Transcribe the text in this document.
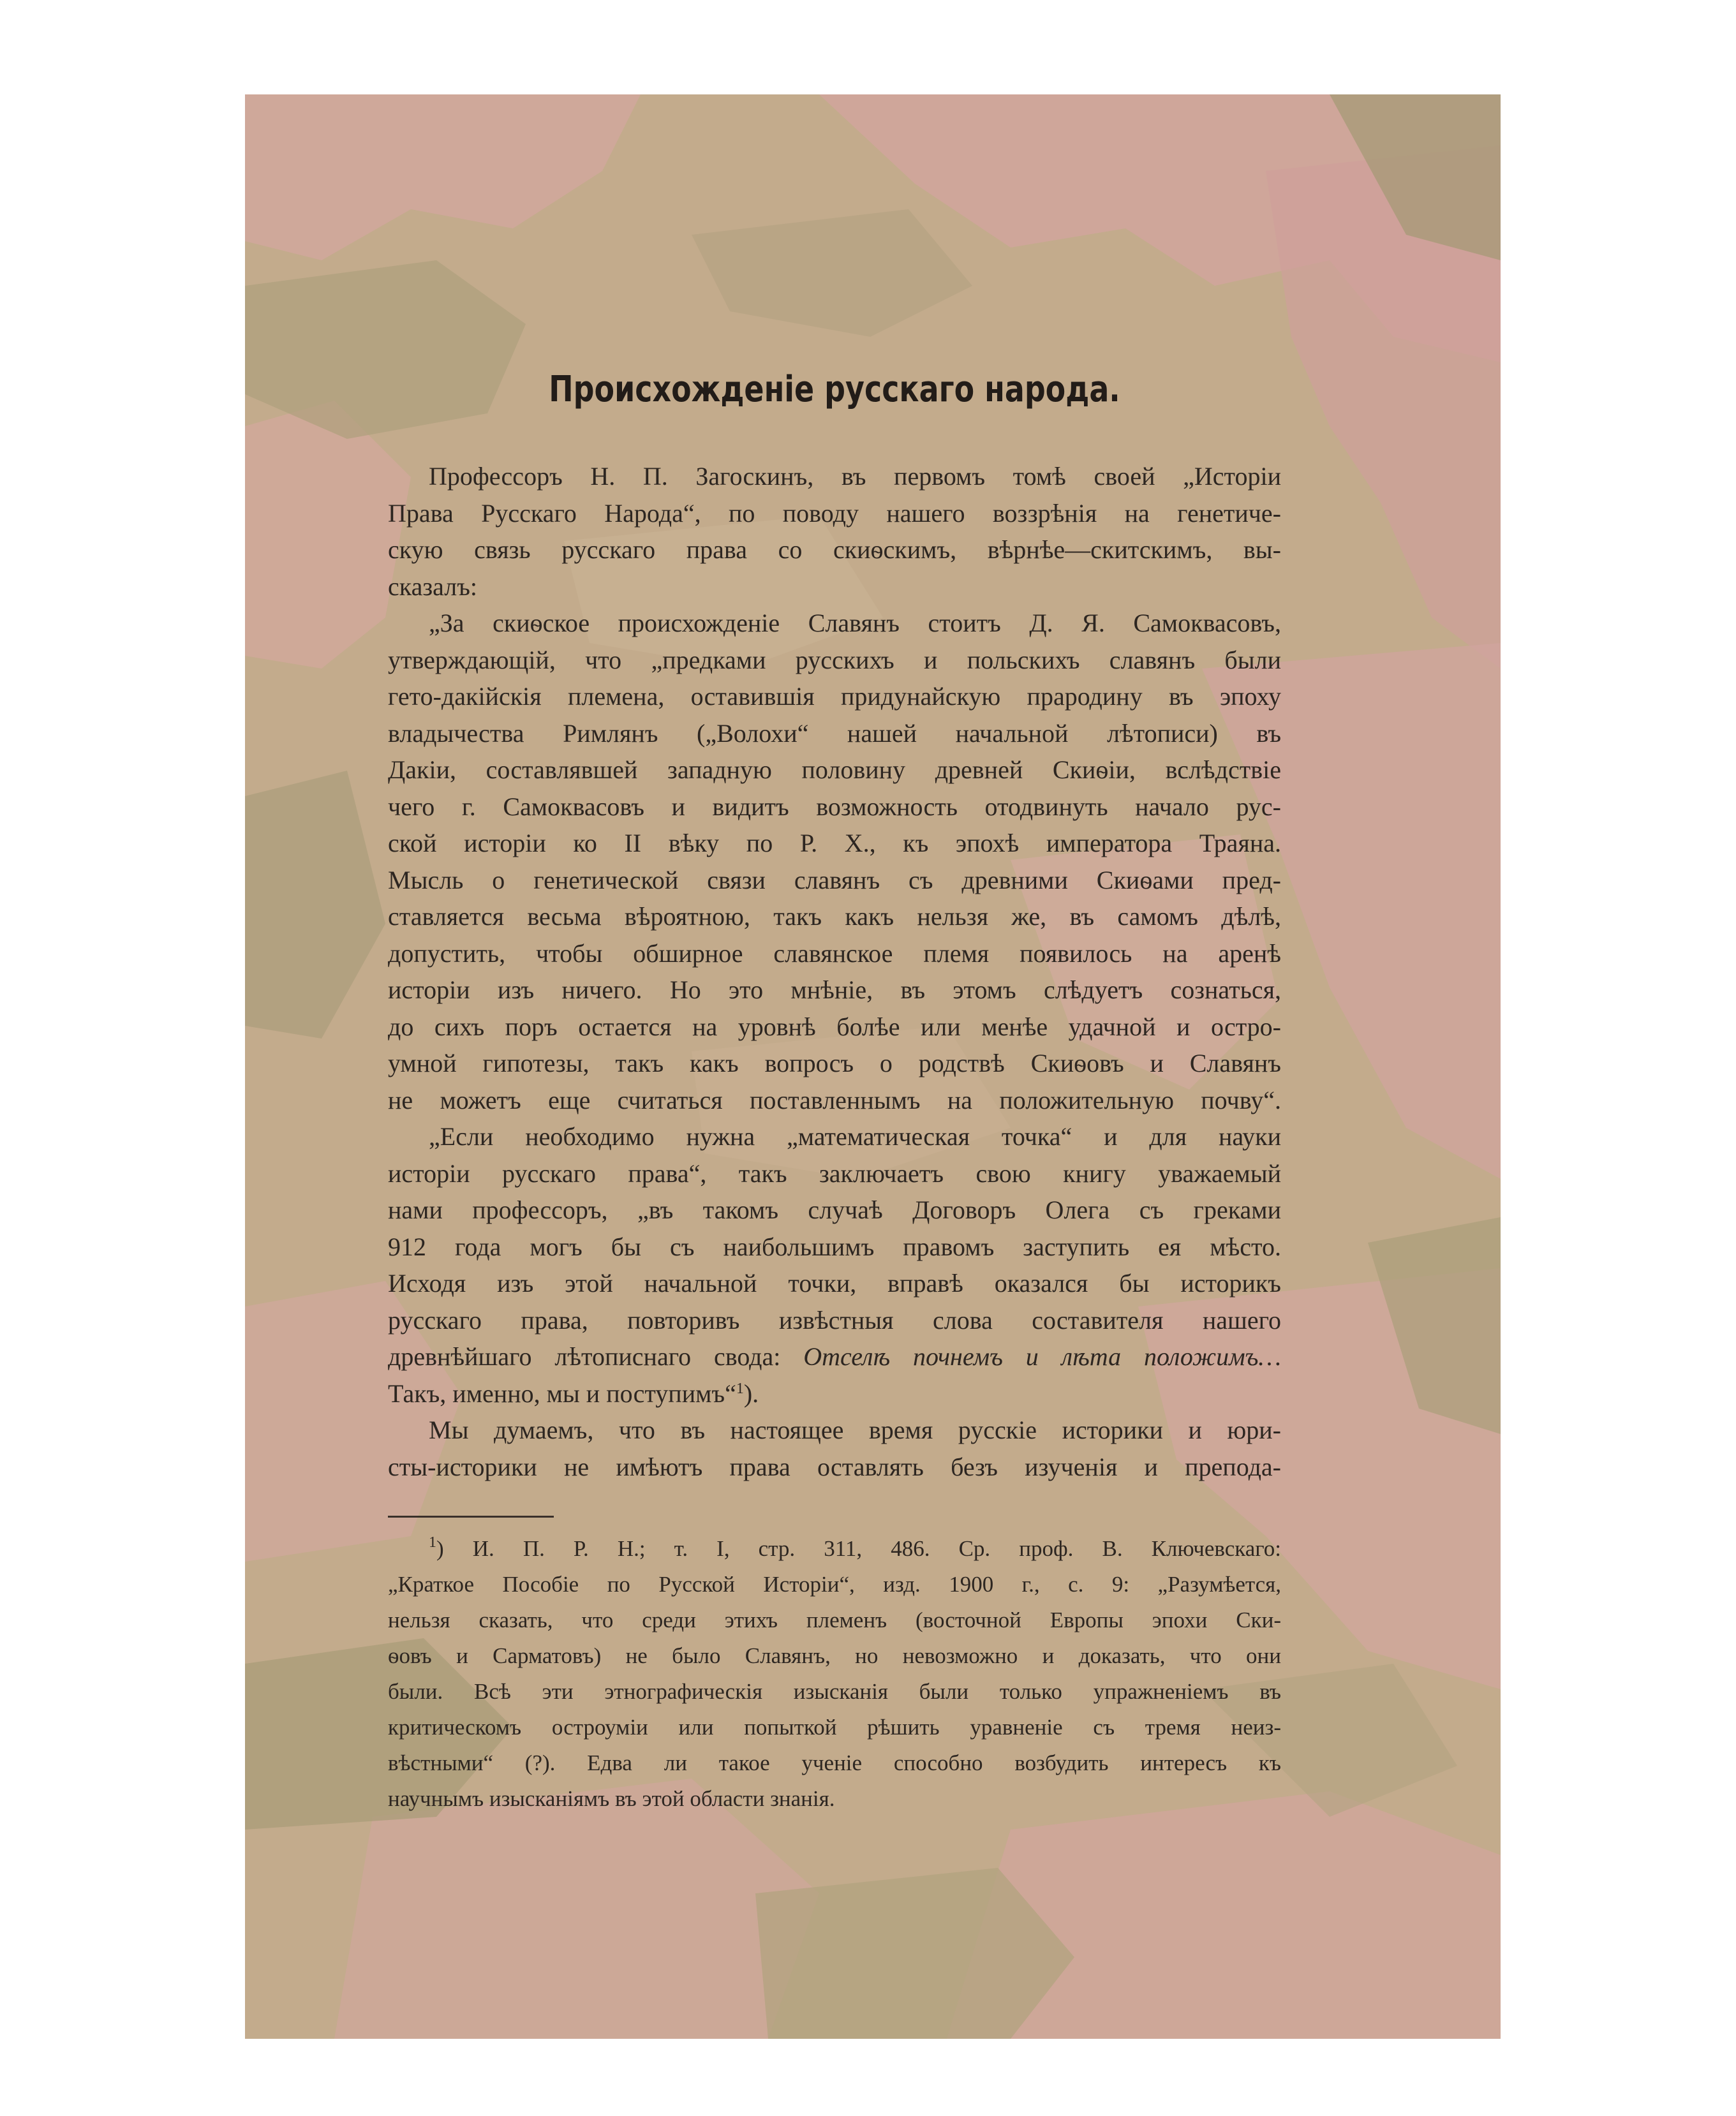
Происхожденiе русскаго народа.
Профессоръ Н. П. Загоскинъ, въ первомъ томѣ своей „Исторiи
Права Русскаго Народа“, по поводу нашего воззрѣнiя на генетиче-
скую связь русскаго права со скиѳскимъ, вѣрнѣе—скитскимъ, вы-
сказалъ:
„За скиѳское происхожденiе Славянъ стоитъ Д. Я. Самоквасовъ,
утверждающiй, что „предками русскихъ и польскихъ славянъ были
гето-дакiйскiя племена, оставившiя придунайскую прародину въ эпоху
владычества Римлянъ („Волохи“ нашей начальной лѣтописи) въ
Дакiи, составлявшей западную половину древней Скиѳiи, вслѣдствiе
чего г. Самоквасовъ и видитъ возможность отодвинуть начало рус-
ской исторiи ко II вѣку по Р. Х., къ эпохѣ императора Траяна.
Мысль о генетической связи славянъ съ древними Скиѳами пред-
ставляется весьма вѣроятною, такъ какъ нельзя же, въ самомъ дѣлѣ,
допустить, чтобы обширное славянское племя появилось на аренѣ
исторiи изъ ничего. Но это мнѣнiе, въ этомъ слѣдуетъ сознаться,
до сихъ поръ остается на уровнѣ болѣе или менѣе удачной и остро-
умной гипотезы, такъ какъ вопросъ о родствѣ Скиѳовъ и Славянъ
не можетъ еще считаться поставленнымъ на положительную почву“.
„Если необходимо нужна „математическая точка“ и для науки
исторiи русскаго права“, такъ заключаетъ свою книгу уважаемый
нами профессоръ, „въ такомъ случаѣ Договоръ Олега съ греками
912 года могъ бы съ наибольшимъ правомъ заступить ея мѣсто.
Исходя изъ этой начальной точки, вправѣ оказался бы историкъ
русскаго права, повторивъ извѣстныя слова составителя нашего
древнѣйшаго лѣтописнаго свода: Отселѣ почнемъ и лѣта положимъ…
Такъ, именно, мы и поступимъ“$^1$).
Мы думаемъ, что въ настоящее время русскiе историки и юри-
сты-историки не имѣютъ права оставлять безъ изученiя и препода-
$^1$) И. П. Р. Н.; т. I, стр. 311, 486. Ср. проф. В. Ключевскаго:
„Краткое Пособiе по Русской Исторiи“, изд. 1900 г., с. 9: „Разумѣется,
нельзя сказать, что среди этихъ племенъ (восточной Европы эпохи Ски-
ѳовъ и Сарматовъ) не было Славянъ, но невозможно и доказать, что они
были. Всѣ эти этнографическiя изысканiя были только упражненiемъ въ
критическомъ остроумiи или попыткой рѣшить уравненiе съ тремя неиз-
вѣстными“ (?). Едва ли такое ученiе способно возбудить интересъ къ
научнымъ изысканiямъ въ этой области знанiя.
